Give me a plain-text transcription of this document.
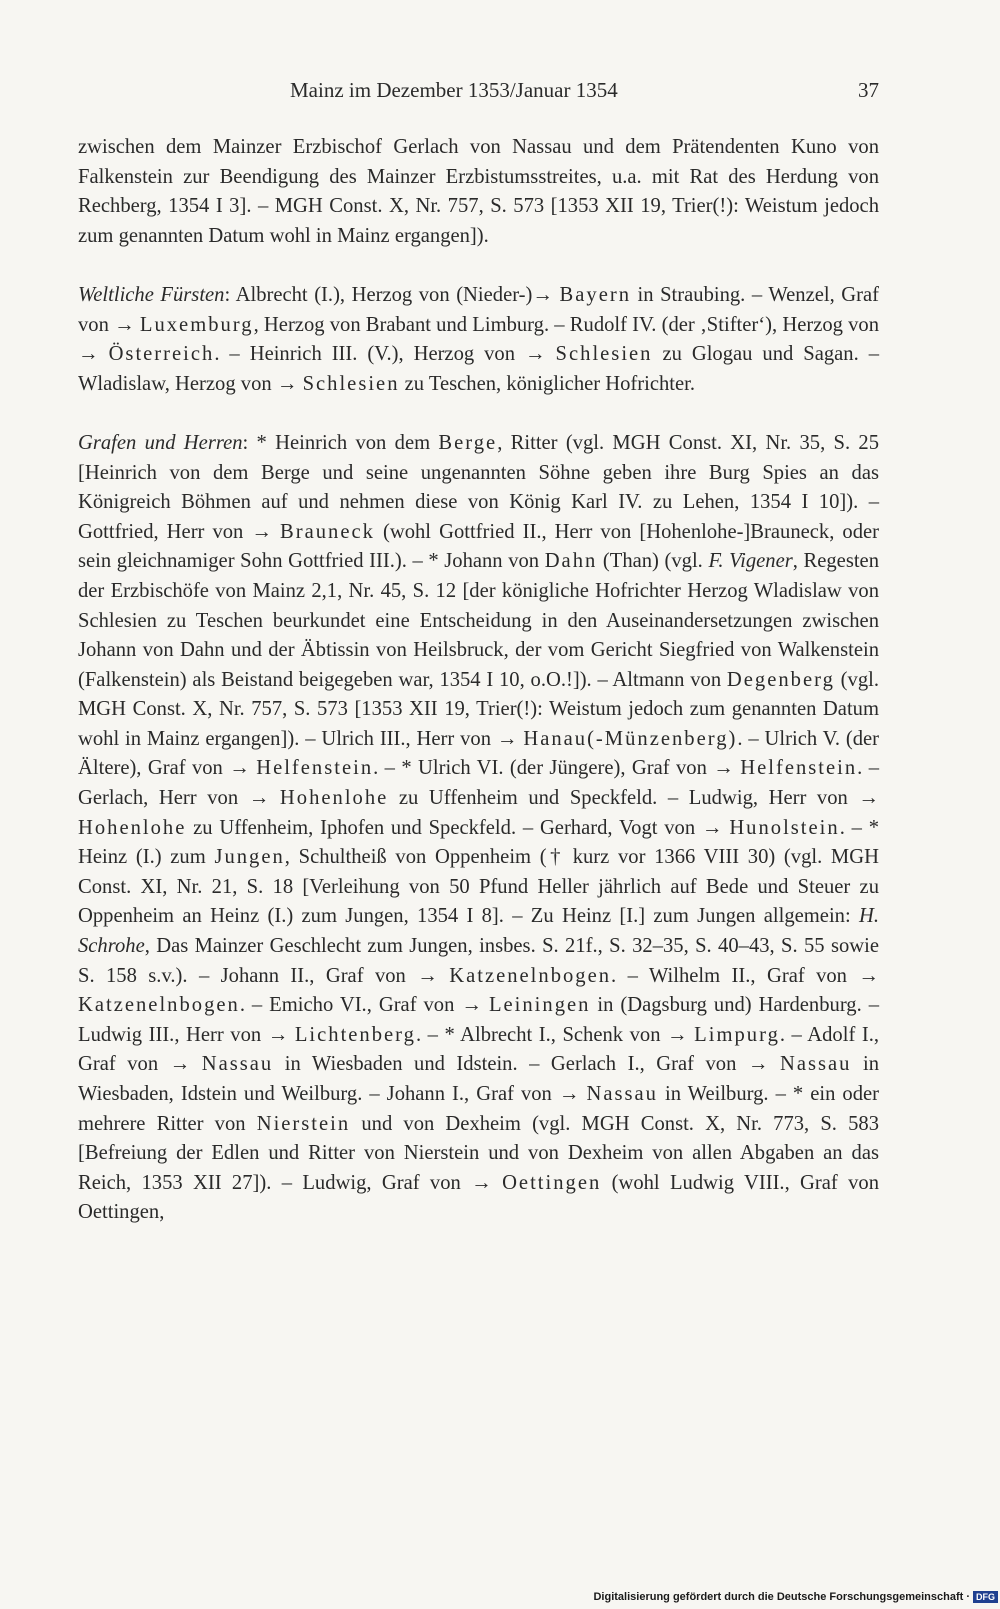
Mainz im Dezember 1353/Januar 1354	37

zwischen dem Mainzer Erzbischof Gerlach von Nassau und dem Prätendenten Kuno von Falkenstein zur Beendigung des Mainzer Erzbistumsstreites, u.a. mit Rat des Herdung von Rechberg, 1354 I 3]. – MGH Const. X, Nr. 757, S. 573 [1353 XII 19, Trier(!): Weistum jedoch zum genannten Datum wohl in Mainz ergangen]).

Weltliche Fürsten: Albrecht (I.), Herzog von (Nieder-)→ Bayern in Straubing. – Wenzel, Graf von → Luxemburg, Herzog von Brabant und Limburg. – Rudolf IV. (der ‚Stifter‘), Herzog von → Österreich. – Heinrich III. (V.), Herzog von → Schlesien zu Glogau und Sagan. – Wladislaw, Herzog von → Schlesien zu Teschen, königlicher Hofrichter.

Grafen und Herren: * Heinrich von dem Berge, Ritter (vgl. MGH Const. XI, Nr. 35, S. 25 [Heinrich von dem Berge und seine ungenannten Söhne geben ihre Burg Spies an das Königreich Böhmen auf und nehmen diese von König Karl IV. zu Lehen, 1354 I 10]). – Gottfried, Herr von → Brauneck (wohl Gottfried II., Herr von [Hohenlohe-]Brauneck, oder sein gleichnamiger Sohn Gottfried III.). – * Johann von Dahn (Than) (vgl. F. Vigener, Regesten der Erzbischöfe von Mainz 2,1, Nr. 45, S. 12 [der königliche Hofrichter Herzog Wladislaw von Schlesien zu Teschen beurkundet eine Entscheidung in den Auseinandersetzungen zwischen Johann von Dahn und der Äbtissin von Heilsbruck, der vom Gericht Siegfried von Walkenstein (Falkenstein) als Beistand beigegeben war, 1354 I 10, o.O.!]). – Altmann von Degenberg (vgl. MGH Const. X, Nr. 757, S. 573 [1353 XII 19, Trier(!): Weistum jedoch zum genannten Datum wohl in Mainz ergangen]). – Ulrich III., Herr von → Hanau(-Münzenberg). – Ulrich V. (der Ältere), Graf von → Helfenstein. – * Ulrich VI. (der Jüngere), Graf von → Helfenstein. – Gerlach, Herr von → Hohenlohe zu Uffenheim und Speckfeld. – Ludwig, Herr von → Hohenlohe zu Uffenheim, Iphofen und Speckfeld. – Gerhard, Vogt von → Hunolstein. – * Heinz (I.) zum Jungen, Schultheiß von Oppenheim († kurz vor 1366 VIII 30) (vgl. MGH Const. XI, Nr. 21, S. 18 [Verleihung von 50 Pfund Heller jährlich auf Bede und Steuer zu Oppenheim an Heinz (I.) zum Jungen, 1354 I 8]. – Zu Heinz [I.] zum Jungen allgemein: H. Schrohe, Das Mainzer Geschlecht zum Jungen, insbes. S. 21f., S. 32–35, S. 40–43, S. 55 sowie S. 158 s.v.). – Johann II., Graf von → Katzenelnbogen. – Wilhelm II., Graf von → Katzenelnbogen. – Emicho VI., Graf von → Leiningen in (Dagsburg und) Hardenburg. – Ludwig III., Herr von → Lichtenberg. – * Albrecht I., Schenk von → Limpurg. – Adolf I., Graf von → Nassau in Wiesbaden und Idstein. – Gerlach I., Graf von → Nassau in Wiesbaden, Idstein und Weilburg. – Johann I., Graf von → Nassau in Weilburg. – * ein oder mehrere Ritter von Nierstein und von Dexheim (vgl. MGH Const. X, Nr. 773, S. 583 [Befreiung der Edlen und Ritter von Nierstein und von Dexheim von allen Abgaben an das Reich, 1353 XII 27]). – Ludwig, Graf von → Oettingen (wohl Ludwig VIII., Graf von Oettingen,

Digitalisierung gefördert durch die Deutsche Forschungsgemeinschaft · DFG
